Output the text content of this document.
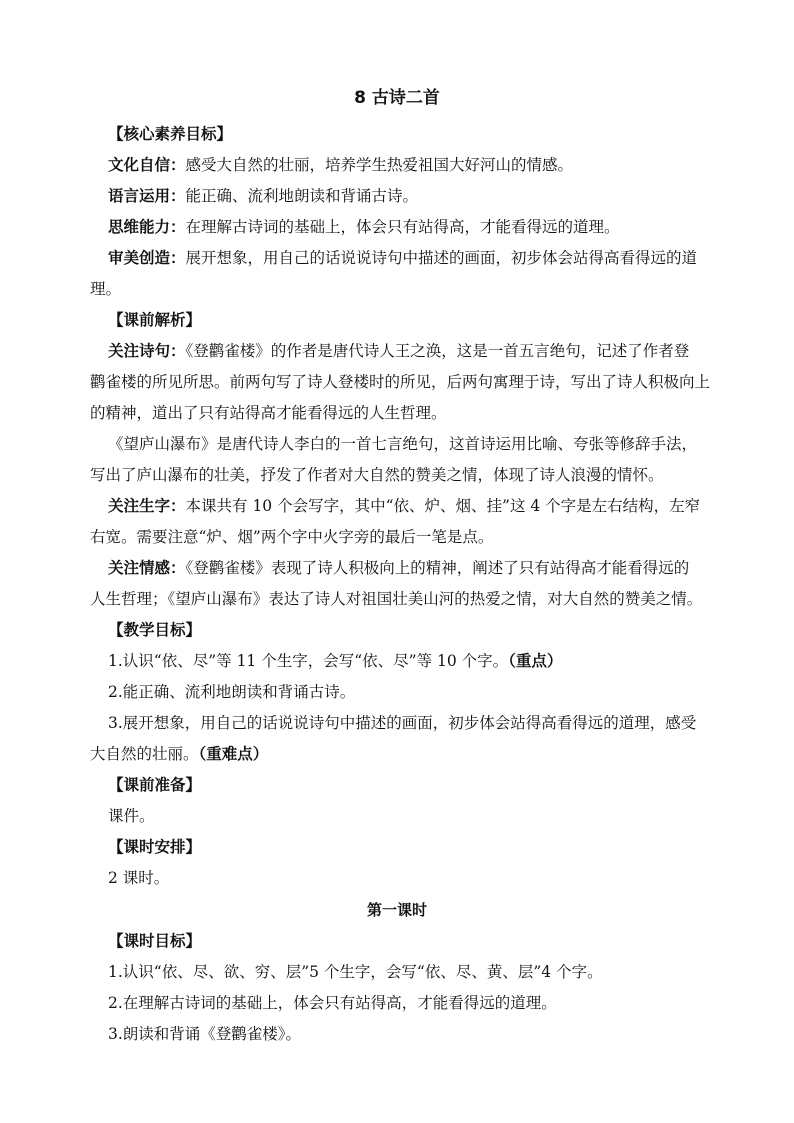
8 古诗二首
【核心素养目标】
文化自信：感受大自然的壮丽，培养学生热爱祖国大好河山的情感。
语言运用：能正确、流利地朗读和背诵古诗。
思维能力：在理解古诗词的基础上，体会只有站得高，才能看得远的道理。
审美创造：展开想象，用自己的话说说诗句中描述的画面，初步体会站得高看得远的道
理。
【课前解析】
关注诗句：《登鹳雀楼》的作者是唐代诗人王之涣，这是一首五言绝句，记述了作者登
鹳雀楼的所见所思。前两句写了诗人登楼时的所见，后两句寓理于诗，写出了诗人积极向上
的精神，道出了只有站得高才能看得远的人生哲理。
《望庐山瀑布》是唐代诗人李白的一首七言绝句，这首诗运用比喻、夸张等修辞手法，
写出了庐山瀑布的壮美，抒发了作者对大自然的赞美之情，体现了诗人浪漫的情怀。
关注生字：本课共有 10 个会写字，其中“依、炉、烟、挂”这 4 个字是左右结构，左窄
右宽。需要注意“炉、烟”两个字中火字旁的最后一笔是点。
关注情感：《登鹳雀楼》表现了诗人积极向上的精神，阐述了只有站得高才能看得远的
人生哲理；《望庐山瀑布》表达了诗人对祖国壮美山河的热爱之情，对大自然的赞美之情。
【教学目标】
1.认识“依、尽”等 11 个生字，会写“依、尽”等 10 个字。（重点）
2.能正确、流利地朗读和背诵古诗。
3.展开想象，用自己的话说说诗句中描述的画面，初步体会站得高看得远的道理，感受
大自然的壮丽。（重难点）
【课前准备】
课件。
【课时安排】
2 课时。
第一课时
【课时目标】
1.认识“依、尽、欲、穷、层”5 个生字，会写“依、尽、黄、层”4 个字。
2.在理解古诗词的基础上，体会只有站得高，才能看得远的道理。
3.朗读和背诵《登鹳雀楼》。
